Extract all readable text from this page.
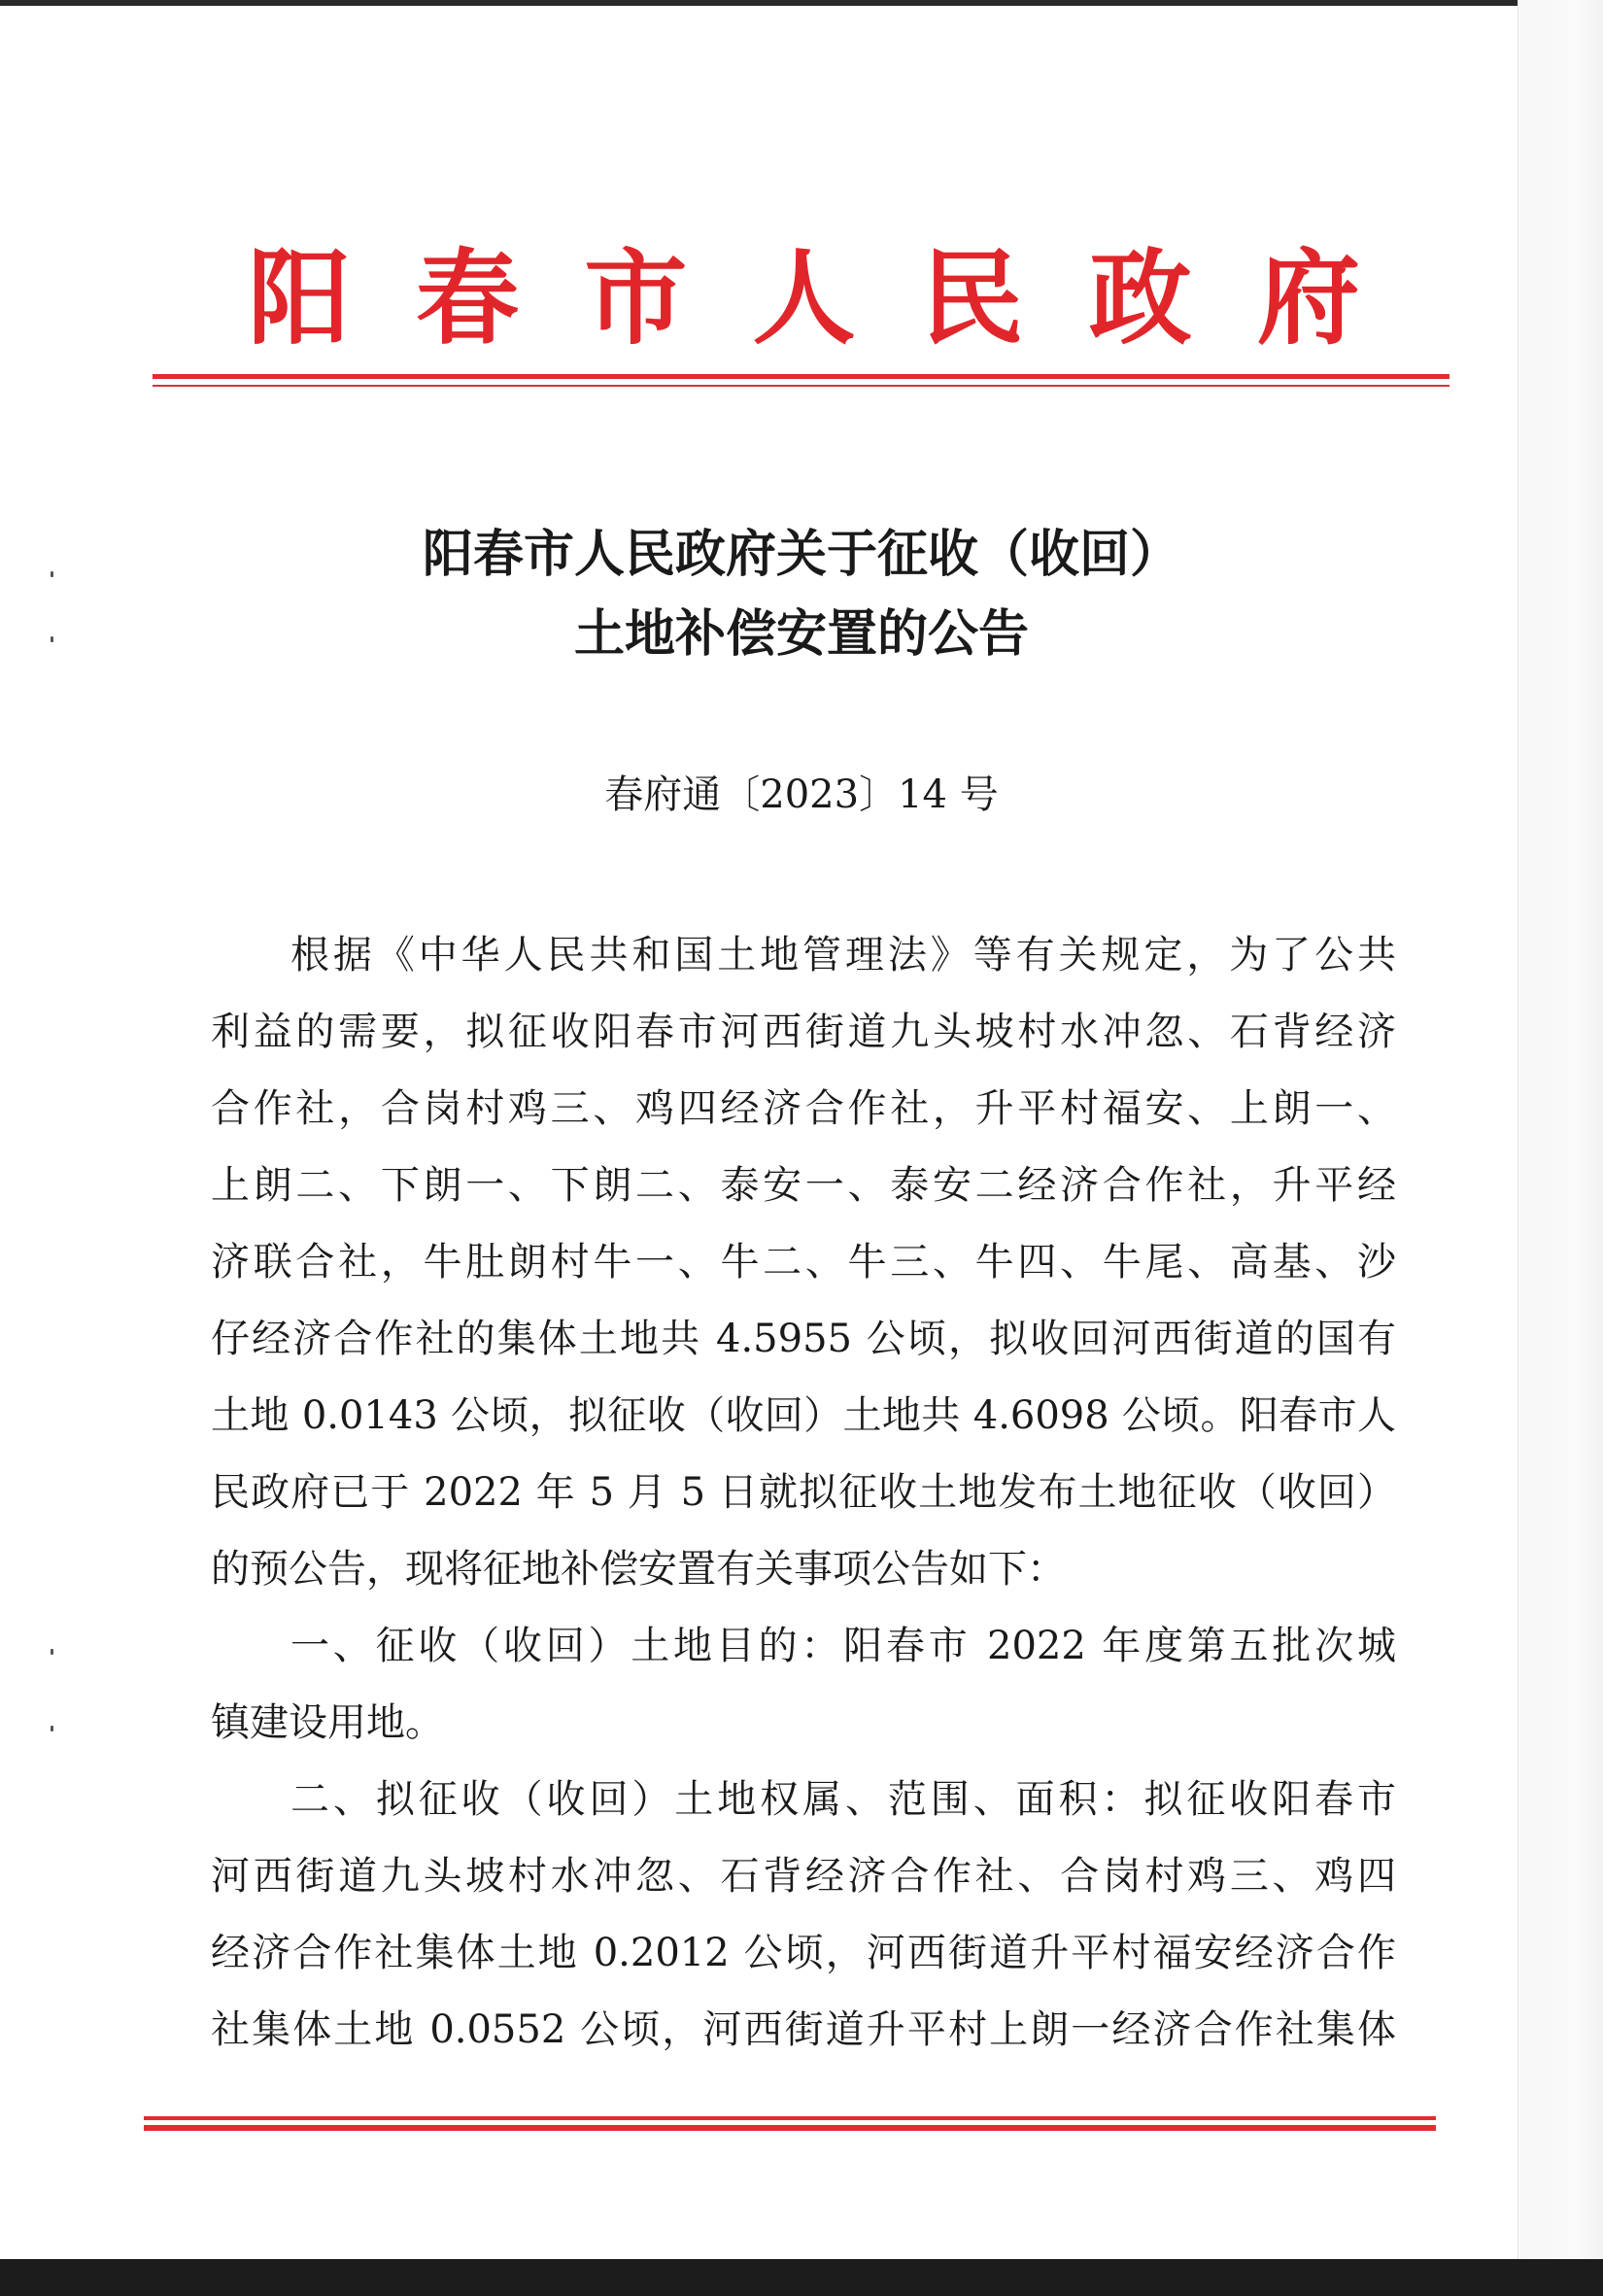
阳 春 市 人 民 政 府
阳春市人民政府关于征收（收回）
土地补偿安置的公告
春府通〔2023〕14 号
根据《中华人民共和国土地管理法》等有关规定，为了公共
利益的需要，拟征收阳春市河西街道九头坡村水冲忽、石背经济
合作社，合岗村鸡三、鸡四经济合作社，升平村福安、上朗一、
上朗二、下朗一、下朗二、泰安一、泰安二经济合作社，升平经
济联合社，牛肚朗村牛一、牛二、牛三、牛四、牛尾、高基、沙
仔经济合作社的集体土地共 4.5955 公顷，拟收回河西街道的国有
土地 0.0143 公顷，拟征收（收回）土地共 4.6098 公顷。阳春市人
民政府已于 2022 年 5 月 5 日就拟征收土地发布土地征收（收回）
的预公告，现将征地补偿安置有关事项公告如下：
一、征收（收回）土地目的：阳春市 2022 年度第五批次城
镇建设用地。
二、拟征收（收回）土地权属、范围、面积：拟征收阳春市
河西街道九头坡村水冲忽、石背经济合作社、合岗村鸡三、鸡四
经济合作社集体土地 0.2012 公顷，河西街道升平村福安经济合作
社集体土地 0.0552 公顷，河西街道升平村上朗一经济合作社集体
